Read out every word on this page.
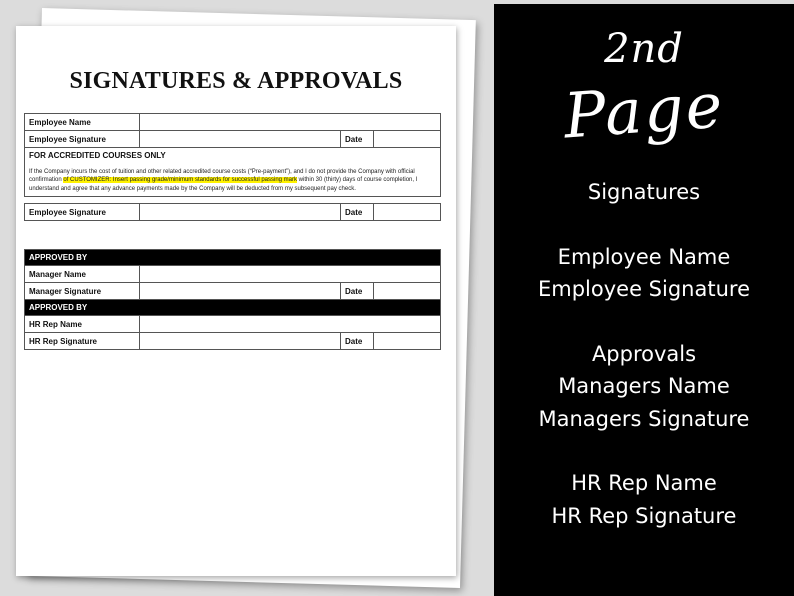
SIGNATURES & APPROVALS
Employee Name			
Employee Signature		Date	

FOR ACCREDITED COURSES ONLY
If the Company incurs the cost of tuition and other related accredited course costs (“Pre-payment”), and I do not provide the Company with official confirmation of CUSTOMIZER: Insert passing grade/minimum standards for successful passing mark within 30 (thirty) days of course completion, I understand and agree that any advance payments made by the Company will be deducted from my subsequent pay check.			

Employee Signature		Date	
APPROVED BY			
Manager Name			
Manager Signature		Date	
APPROVED BY			
HR Rep Name			
HR Rep Signature		Date	
2nd
Page
Signatures
Employee Name
Employee Signature
Approvals
Managers Name
Managers Signature
HR Rep Name
HR Rep Signature
